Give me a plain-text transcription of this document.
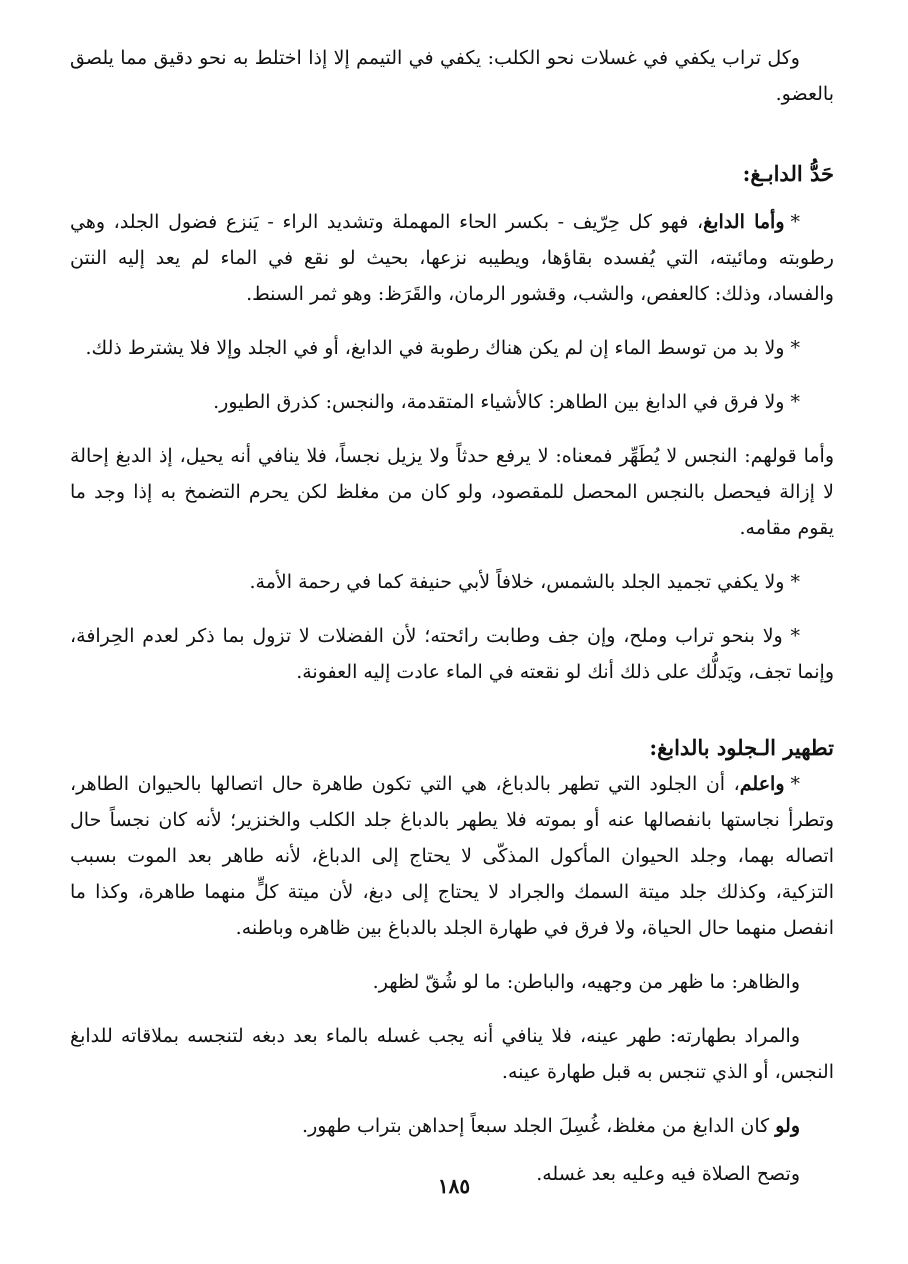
وكل تراب يكفي في غسلات نحو الكلب: يكفي في التيمم إلا إذا اختلط به نحو دقيق مما يلصق بالعضو.

حَدُّ الدابـغ:

*وأما الدابغ، فهو كل حِرّيف - بكسر الحاء المهملة وتشديد الراء - يَنزع فضول الجلد، وهي رطوبته ومائيته، التي يُفسده بقاؤها، ويطيبه نزعها، بحيث لو نقع في الماء لم يعد إليه النتن والفساد، وذلك: كالعفص، والشب، وقشور الرمان، والقَرَظ: وهو ثمر السنط.

* ولا بد من توسط الماء إن لم يكن هناك رطوبة في الدابغ، أو في الجلد وإلا فلا يشترط ذلك.

* ولا فرق في الدابغ بين الطاهر: كالأشياء المتقدمة، والنجس: كذرق الطيور.

وأما قولهم: النجس لا يُطَهِّر فمعناه: لا يرفع حدثاً ولا يزيل نجساً، فلا ينافي أنه يحيل، إذ الدبغ إحالة لا إزالة فيحصل بالنجس المحصل للمقصود، ولو كان من مغلظ لكن يحرم التضمخ به إذا وجد ما يقوم مقامه.

* ولا يكفي تجميد الجلد بالشمس، خلافاً لأبي حنيفة كما في رحمة الأمة.

* ولا بنحو تراب وملح، وإن جف وطابت رائحته؛ لأن الفضلات لا تزول بما ذكر لعدم الحِرافة، وإنما تجف، ويَدلُّك على ذلك أنك لو نقعته في الماء عادت إليه العفونة.

تطهير الـجلود بالدابغ:

*واعلم، أن الجلود التي تطهر بالدباغ، هي التي تكون طاهرة حال اتصالها بالحيوان الطاهر، وتطرأ نجاستها بانفصالها عنه أو بموته فلا يطهر بالدباغ جلد الكلب والخنزير؛ لأنه كان نجساً حال اتصاله بهما، وجلد الحيوان المأكول المذكّى لا يحتاج إلى الدباغ، لأنه طاهر بعد الموت بسبب التزكية، وكذلك جلد ميتة السمك والجراد لا يحتاج إلى دبغ، لأن ميتة كلٍّ منهما طاهرة، وكذا ما انفصل منهما حال الحياة، ولا فرق في طهارة الجلد بالدباغ بين ظاهره وباطنه.

والظاهر: ما ظهر من وجهيه، والباطن: ما لو شُقّ لظهر.

والمراد بطهارته: طهر عينه، فلا ينافي أنه يجب غسله بالماء بعد دبغه لتنجسه بملاقاته للدابغ النجس، أو الذي تنجس به قبل طهارة عينه.

ولو كان الدابغ من مغلظ، غُسِلَ الجلد سبعاً إحداهن بتراب طهور.

وتصح الصلاة فيه وعليه بعد غسله.

١٨٥
